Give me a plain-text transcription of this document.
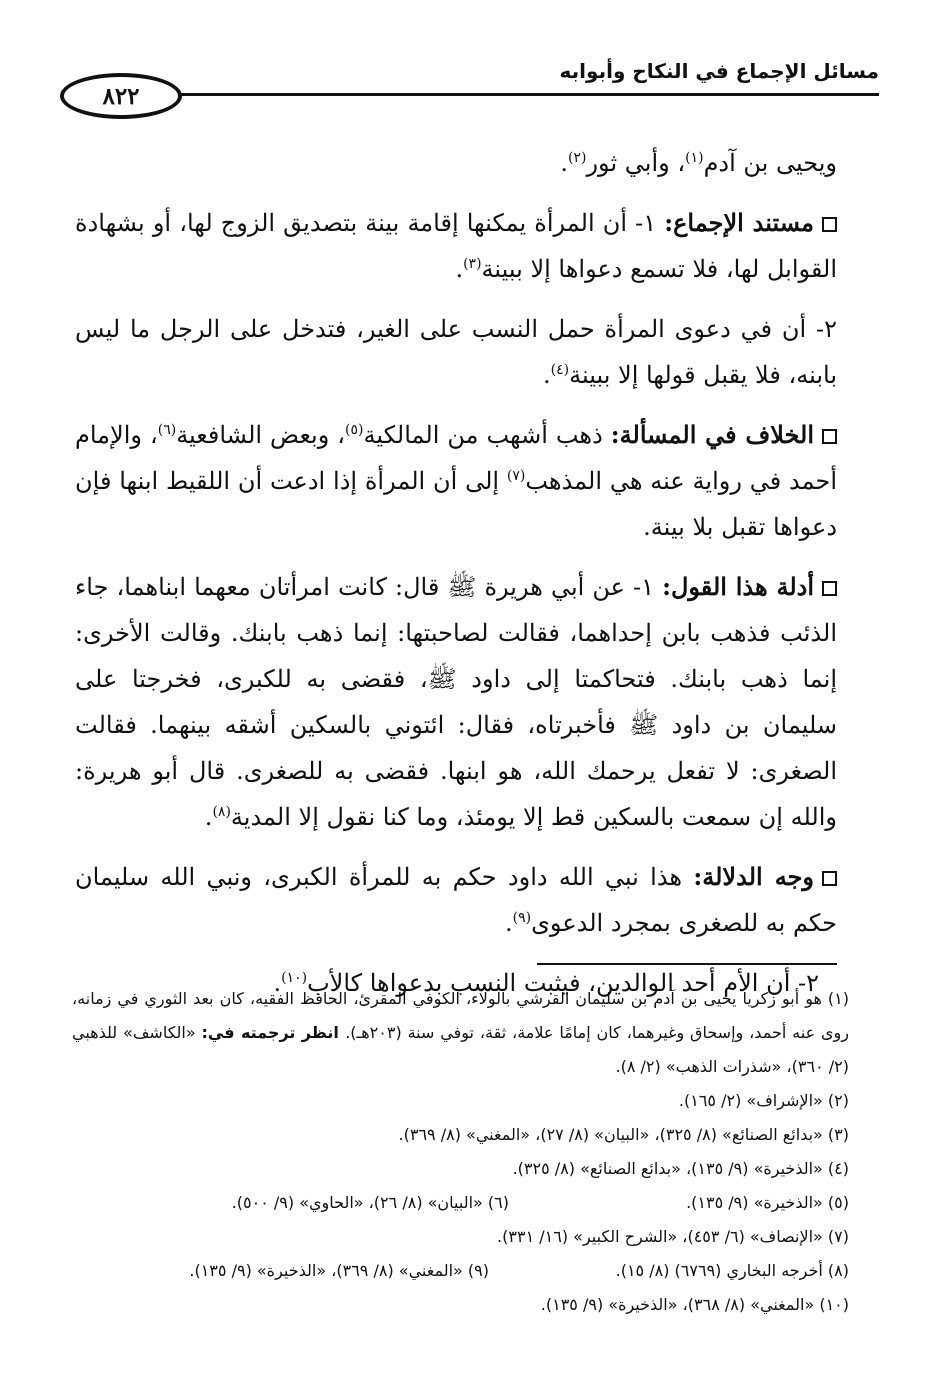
٨٢٢
مسائل الإجماع في النكاح وأبوابه

ويحيى بن آدم$^{(١)}$، وأبي ثور$^{(٢)}$.

مستند الإجماع: ١- أن المرأة يمكنها إقامة بينة بتصديق الزوج لها، أو بشهادة القوابل لها، فلا تسمع دعواها إلا ببينة$^{(٣)}$.

٢- أن في دعوى المرأة حمل النسب على الغير، فتدخل على الرجل ما ليس بابنه، فلا يقبل قولها إلا ببينة$^{(٤)}$.

الخلاف في المسألة: ذهب أشهب من المالكية$^{(٥)}$، وبعض الشافعية$^{(٦)}$، والإمام أحمد في رواية عنه هي المذهب$^{(٧)}$ إلى أن المرأة إذا ادعت أن اللقيط ابنها فإن دعواها تقبل بلا بينة.

أدلة هذا القول: ١- عن أبي هريرة ﷺ قال: كانت امرأتان معهما ابناهما، جاء الذئب فذهب بابن إحداهما، فقالت لصاحبتها: إنما ذهب بابنك. وقالت الأخرى: إنما ذهب بابنك. فتحاكمتا إلى داود ﷺ، فقضى به للكبرى، فخرجتا على سليمان بن داود ﷺ فأخبرتاه، فقال: ائتوني بالسكين أشقه بينهما. فقالت الصغرى: لا تفعل يرحمك الله، هو ابنها. فقضى به للصغرى. قال أبو هريرة: والله إن سمعت بالسكين قط إلا يومئذ، وما كنا نقول إلا المدية$^{(٨)}$.

وجه الدلالة: هذا نبي الله داود حكم به للمرأة الكبرى، ونبي الله سليمان حكم به للصغرى بمجرد الدعوى$^{(٩)}$.

٢- أن الأم أحد الوالدين، فيثبت النسب بدعواها كالأب$^{(١٠)}$.

(١) هو أبو زكريا يحيى بن آدم بن سليمان القرشي بالولاء، الكوفي المقرئ، الحافظ الفقيه، كان بعد الثوري في زمانه، روى عنه أحمد، وإسحاق وغيرهما، كان إمامًا علامة، ثقة، توفي سنة (٢٠٣هـ). انظر ترجمته في: «الكاشف» للذهبي (٢/ ٣٦٠)، «شذرات الذهب» (٢/ ٨).

(٢) «الإشراف» (٢/ ١٦٥).

(٣) «بدائع الصنائع» (٨/ ٣٢٥)، «البيان» (٨/ ٢٧)، «المغني» (٨/ ٣٦٩).

(٤) «الذخيرة» (٩/ ١٣٥)، «بدائع الصنائع» (٨/ ٣٢٥).

(٥) «الذخيرة» (٩/ ١٣٥).
(٦) «البيان» (٨/ ٢٦)، «الحاوي» (٩/ ٥٠٠).

(٧) «الإنصاف» (٦/ ٤٥٣)، «الشرح الكبير» (١٦/ ٣٣١).

(٨) أخرجه البخاري (٦٧٦٩) (٨/ ١٥).
(٩) «المغني» (٨/ ٣٦٩)، «الذخيرة» (٩/ ١٣٥).

(١٠) «المغني» (٨/ ٣٦٨)، «الذخيرة» (٩/ ١٣٥).
